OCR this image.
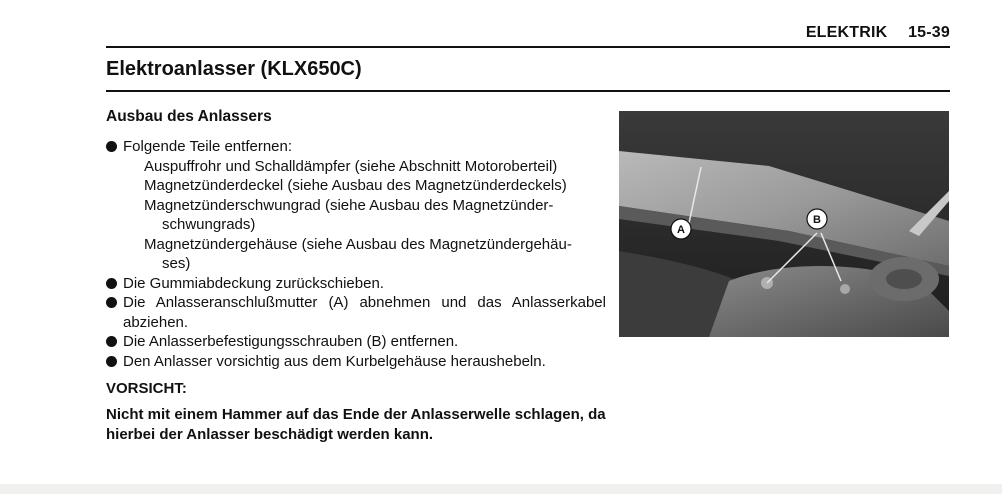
ELEKTRIK 15-39
Elektroanlasser (KLX650C)
Ausbau des Anlassers
Folgende Teile entfernen:
Auspuffrohr und Schalldämpfer (siehe Abschnitt Motoroberteil)
Magnetzünderdeckel (siehe Ausbau des Magnetzünderdeckels)
Magnetzünderschwungrad (siehe Ausbau des Magnetzünder-
schwungrads)
Magnetzündergehäuse (siehe Ausbau des Magnetzündergehäu-
ses)
Die Gummiabdeckung zurückschieben.
Die Anlasseranschlußmutter (A) abnehmen und das Anlasserkabel
abziehen.
Die Anlasserbefestigungsschrauben (B) entfernen.
Den Anlasser vorsichtig aus dem Kurbelgehäuse heraushebeln.
VORSICHT:
Nicht mit einem Hammer auf das Ende der Anlasserwelle schlagen, da
hierbei der Anlasser beschädigt werden kann.
A
B
